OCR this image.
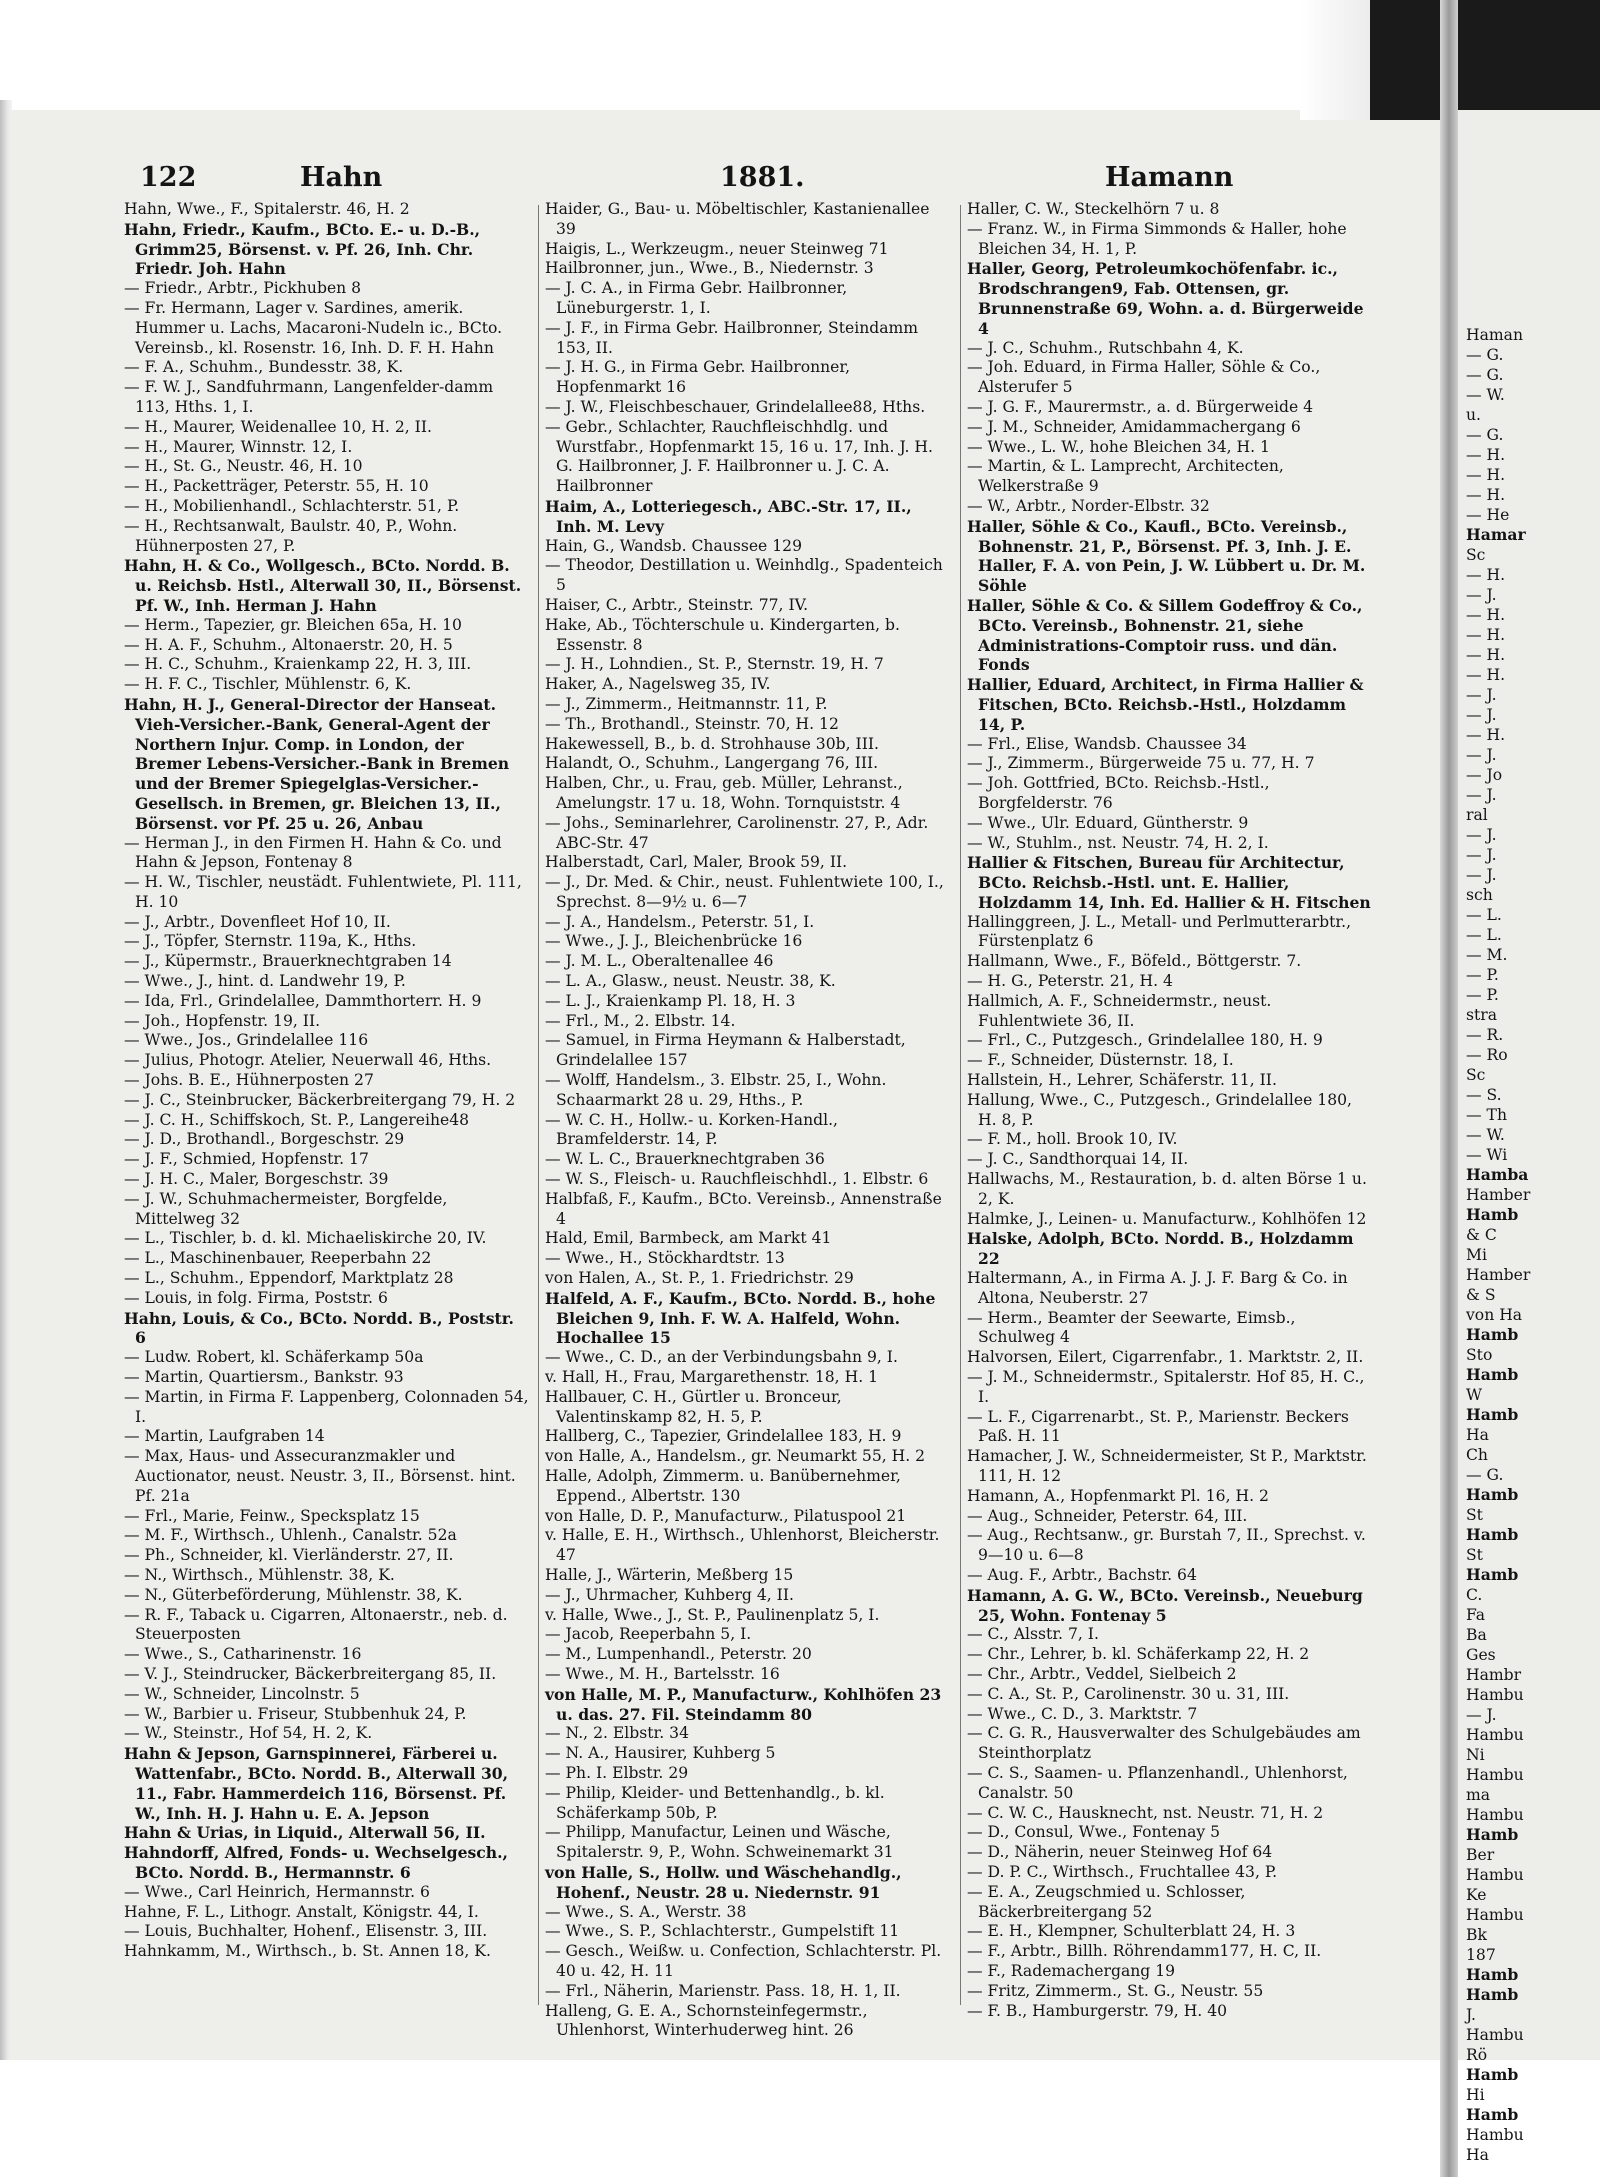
Haman
— G.
— G.
— W.
u.
— G.
— H.
— H.
— H.
— He
Hamar
Sc
— H.
— J.
— H.
— H.
— H.
— H.
— J.
— J.
— H.
— J.
— Jo
— J.
ral
— J.
— J.
— J.
sch
— L.
— L.
— M.
— P.
— P.
stra
— R.
— Ro
Sc
— S.
— Th
— W.
— Wi
Hamba
Hamber
Hamb
& C
Mi
Hamber
& S
von Ha
Hamb
Sto
Hamb
W
Hamb
Ha
Ch
— G.
Hamb
St
Hamb
St
Hamb
C.
Fa
Ba
Ges
Hambr
Hambu
— J.
Hambu
Ni
Hambu
ma
Hambu
Hamb
Ber
Hambu
Ke
Hambu
Bk
187
Hamb
Hamb
J.
Hambu
Rö
Hamb
Hi
Hamb
Hambu
Ha
122	Hahn	1881.	Hamann

Hahn, Wwe., F., Spitalerstr. 46, H. 2

Hahn, Friedr., Kaufm., BCto. E.- u. D.-B., Grimm25, Börsenst. v. Pf. 26, Inh. Chr. Friedr. Joh. Hahn

— Friedr., Arbtr., Pickhuben 8

— Fr. Hermann, Lager v. Sardines, amerik. Hummer u. Lachs, Macaroni-Nudeln ic., BCto. Vereinsb., kl. Rosenstr. 16, Inh. D. F. H. Hahn

— F. A., Schuhm., Bundesstr. 38, K.

— F. W. J., Sandfuhrmann, Langenfelder-damm 113, Hths. 1, I.

— H., Maurer, Weidenallee 10, H. 2, II.

— H., Maurer, Winnstr. 12, I.

— H., St. G., Neustr. 46, H. 10

— H., Packetträger, Peterstr. 55, H. 10

— H., Mobilienhandl., Schlachterstr. 51, P.

— H., Rechtsanwalt, Baulstr. 40, P., Wohn. Hühnerposten 27, P.

Hahn, H. & Co., Wollgesch., BCto. Nordd. B. u. Reichsb. Hstl., Alterwall 30, II., Börsenst. Pf. W., Inh. Herman J. Hahn

— Herm., Tapezier, gr. Bleichen 65a, H. 10

— H. A. F., Schuhm., Altonaerstr. 20, H. 5

— H. C., Schuhm., Kraienkamp 22, H. 3, III.

— H. F. C., Tischler, Mühlenstr. 6, K.

Hahn, H. J., General-Director der Hanseat. Vieh-Versicher.-Bank, General-Agent der Northern Injur. Comp. in London, der Bremer Lebens-Versicher.-Bank in Bremen und der Bremer Spiegelglas-Versicher.-Gesellsch. in Bremen, gr. Bleichen 13, II., Börsenst. vor Pf. 25 u. 26, Anbau

— Herman J., in den Firmen H. Hahn & Co. und Hahn & Jepson, Fontenay 8

— H. W., Tischler, neustädt. Fuhlentwiete, Pl. 111, H. 10

— J., Arbtr., Dovenfleet Hof 10, II.

— J., Töpfer, Sternstr. 119a, K., Hths.

— J., Küpermstr., Brauerknechtgraben 14

— Wwe., J., hint. d. Landwehr 19, P.

— Ida, Frl., Grindelallee, Dammthorterr. H. 9

— Joh., Hopfenstr. 19, II.

— Wwe., Jos., Grindelallee 116

— Julius, Photogr. Atelier, Neuerwall 46, Hths.

— Johs. B. E., Hühnerposten 27

— J. C., Steinbrucker, Bäckerbreitergang 79, H. 2

— J. C. H., Schiffskoch, St. P., Langereihe48

— J. D., Brothandl., Borgeschstr. 29

— J. F., Schmied, Hopfenstr. 17

— J. H. C., Maler, Borgeschstr. 39

— J. W., Schuhmachermeister, Borgfelde, Mittelweg 32

— L., Tischler, b. d. kl. Michaeliskirche 20, IV.

— L., Maschinenbauer, Reeperbahn 22

— L., Schuhm., Eppendorf, Marktplatz 28

— Louis, in folg. Firma, Poststr. 6

Hahn, Louis, & Co., BCto. Nordd. B., Poststr. 6

— Ludw. Robert, kl. Schäferkamp 50a

— Martin, Quartiersm., Bankstr. 93

— Martin, in Firma F. Lappenberg, Colonnaden 54, I.

— Martin, Laufgraben 14

— Max, Haus- und Assecuranzmakler und Auctionator, neust. Neustr. 3, II., Börsenst. hint. Pf. 21a

— Frl., Marie, Feinw., Specksplatz 15

— M. F., Wirthsch., Uhlenh., Canalstr. 52a

— Ph., Schneider, kl. Vierländerstr. 27, II.

— N., Wirthsch., Mühlenstr. 38, K.

— N., Güterbeförderung, Mühlenstr. 38, K.

— R. F., Taback u. Cigarren, Altonaerstr., neb. d. Steuerposten

— Wwe., S., Catharinenstr. 16

— V. J., Steindrucker, Bäckerbreitergang 85, II.

— W., Schneider, Lincolnstr. 5

— W., Barbier u. Friseur, Stubbenhuk 24, P.

— W., Steinstr., Hof 54, H. 2, K.

Hahn & Jepson, Garnspinnerei, Färberei u. Wattenfabr., BCto. Nordd. B., Alterwall 30, 11., Fabr. Hammerdeich 116, Börsenst. Pf. W., Inh. H. J. Hahn u. E. A. Jepson

Hahn & Urias, in Liquid., Alterwall 56, II.

Hahndorff, Alfred, Fonds- u. Wechselgesch., BCto. Nordd. B., Hermannstr. 6

— Wwe., Carl Heinrich, Hermannstr. 6

Hahne, F. L., Lithogr. Anstalt, Königstr. 44, I.

— Louis, Buchhalter, Hohenf., Elisenstr. 3, III.

Hahnkamm, M., Wirthsch., b. St. Annen 18, K.

Haider, G., Bau- u. Möbeltischler, Kastanienallee 39

Haigis, L., Werkzeugm., neuer Steinweg 71

Hailbronner, jun., Wwe., B., Niedernstr. 3

— J. C. A., in Firma Gebr. Hailbronner, Lüneburgerstr. 1, I.

— J. F., in Firma Gebr. Hailbronner, Steindamm 153, II.

— J. H. G., in Firma Gebr. Hailbronner, Hopfenmarkt 16

— J. W., Fleischbeschauer, Grindelallee88, Hths.

— Gebr., Schlachter, Rauchfleischhdlg. und Wurstfabr., Hopfenmarkt 15, 16 u. 17, Inh. J. H. G. Hailbronner, J. F. Hailbronner u. J. C. A. Hailbronner

Haim, A., Lotteriegesch., ABC.-Str. 17, II., Inh. M. Levy

Hain, G., Wandsb. Chaussee 129

— Theodor, Destillation u. Weinhdlg., Spadenteich 5

Haiser, C., Arbtr., Steinstr. 77, IV.

Hake, Ab., Töchterschule u. Kindergarten, b. Essenstr. 8

— J. H., Lohndien., St. P., Sternstr. 19, H. 7

Haker, A., Nagelsweg 35, IV.

— J., Zimmerm., Heitmannstr. 11, P.

— Th., Brothandl., Steinstr. 70, H. 12

Hakewessell, B., b. d. Strohhause 30b, III.

Halandt, O., Schuhm., Langergang 76, III.

Halben, Chr., u. Frau, geb. Müller, Lehranst., Amelungstr. 17 u. 18, Wohn. Tornquiststr. 4

— Johs., Seminarlehrer, Carolinenstr. 27, P., Adr. ABC-Str. 47

Halberstadt, Carl, Maler, Brook 59, II.

— J., Dr. Med. & Chir., neust. Fuhlentwiete 100, I., Sprechst. 8—9½ u. 6—7

— J. A., Handelsm., Peterstr. 51, I.

— Wwe., J. J., Bleichenbrücke 16

— J. M. L., Oberaltenallee 46

— L. A., Glasw., neust. Neustr. 38, K.

— L. J., Kraienkamp Pl. 18, H. 3

— Frl., M., 2. Elbstr. 14.

— Samuel, in Firma Heymann & Halberstadt, Grindelallee 157

— Wolff, Handelsm., 3. Elbstr. 25, I., Wohn. Schaarmarkt 28 u. 29, Hths., P.

— W. C. H., Hollw.- u. Korken-Handl., Bramfelderstr. 14, P.

— W. L. C., Brauerknechtgraben 36

— W. S., Fleisch- u. Rauchfleischhdl., 1. Elbstr. 6

Halbfaß, F., Kaufm., BCto. Vereinsb., Annenstraße 4

Hald, Emil, Barmbeck, am Markt 41

— Wwe., H., Stöckhardtstr. 13

von Halen, A., St. P., 1. Friedrichstr. 29

Halfeld, A. F., Kaufm., BCto. Nordd. B., hohe Bleichen 9, Inh. F. W. A. Halfeld, Wohn. Hochallee 15

— Wwe., C. D., an der Verbindungsbahn 9, I.

v. Hall, H., Frau, Margarethenstr. 18, H. 1

Hallbauer, C. H., Gürtler u. Bronceur, Valentinskamp 82, H. 5, P.

Hallberg, C., Tapezier, Grindelallee 183, H. 9

von Halle, A., Handelsm., gr. Neumarkt 55, H. 2

Halle, Adolph, Zimmerm. u. Banübernehmer, Eppend., Albertstr. 130

von Halle, D. P., Manufacturw., Pilatuspool 21

v. Halle, E. H., Wirthsch., Uhlenhorst, Bleicherstr. 47

Halle, J., Wärterin, Meßberg 15

— J., Uhrmacher, Kuhberg 4, II.

v. Halle, Wwe., J., St. P., Paulinenplatz 5, I.

— Jacob, Reeperbahn 5, I.

— M., Lumpenhandl., Peterstr. 20

— Wwe., M. H., Bartelsstr. 16

von Halle, M. P., Manufacturw., Kohlhöfen 23 u. das. 27. Fil. Steindamm 80

— N., 2. Elbstr. 34

— N. A., Hausirer, Kuhberg 5

— Ph. I. Elbstr. 29

— Philip, Kleider- und Bettenhandlg., b. kl. Schäferkamp 50b, P.

— Philipp, Manufactur, Leinen und Wäsche, Spitalerstr. 9, P., Wohn. Schweinemarkt 31

von Halle, S., Hollw. und Wäschehandlg., Hohenf., Neustr. 28 u. Niedernstr. 91

— Wwe., S. A., Werstr. 38

— Wwe., S. P., Schlachterstr., Gumpelstift 11

— Gesch., Weißw. u. Confection, Schlachterstr. Pl. 40 u. 42, H. 11

— Frl., Näherin, Marienstr. Pass. 18, H. 1, II.

Halleng, G. E. A., Schornsteinfegermstr., Uhlenhorst, Winterhuderweg hint. 26

Haller, C. W., Steckelhörn 7 u. 8

— Franz. W., in Firma Simmonds & Haller, hohe Bleichen 34, H. 1, P.

Haller, Georg, Petroleumkochöfenfabr. ic., Brodschrangen9, Fab. Ottensen, gr. Brunnenstraße 69, Wohn. a. d. Bürgerweide 4

— J. C., Schuhm., Rutschbahn 4, K.

— Joh. Eduard, in Firma Haller, Söhle & Co., Alsterufer 5

— J. G. F., Maurermstr., a. d. Bürgerweide 4

— J. M., Schneider, Amidammachergang 6

— Wwe., L. W., hohe Bleichen 34, H. 1

— Martin, & L. Lamprecht, Architecten, Welkerstraße 9

— W., Arbtr., Norder-Elbstr. 32

Haller, Söhle & Co., Kaufl., BCto. Vereinsb., Bohnenstr. 21, P., Börsenst. Pf. 3, Inh. J. E. Haller, F. A. von Pein, J. W. Lübbert u. Dr. M. Söhle

Haller, Söhle & Co. & Sillem Godeffroy & Co., BCto. Vereinsb., Bohnenstr. 21, siehe Administrations-Comptoir russ. und dän. Fonds

Hallier, Eduard, Architect, in Firma Hallier & Fitschen, BCto. Reichsb.-Hstl., Holzdamm 14, P.

— Frl., Elise, Wandsb. Chaussee 34

— J., Zimmerm., Bürgerweide 75 u. 77, H. 7

— Joh. Gottfried, BCto. Reichsb.-Hstl., Borgfelderstr. 76

— Wwe., Ulr. Eduard, Güntherstr. 9

— W., Stuhlm., nst. Neustr. 74, H. 2, I.

Hallier & Fitschen, Bureau für Architectur, BCto. Reichsb.-Hstl. unt. E. Hallier, Holzdamm 14, Inh. Ed. Hallier & H. Fitschen

Hallinggreen, J. L., Metall- und Perlmutterarbtr., Fürstenplatz 6

Hallmann, Wwe., F., Böfeld., Böttgerstr. 7.

— H. G., Peterstr. 21, H. 4

Hallmich, A. F., Schneidermstr., neust. Fuhlentwiete 36, II.

— Frl., C., Putzgesch., Grindelallee 180, H. 9

— F., Schneider, Düsternstr. 18, I.

Hallstein, H., Lehrer, Schäferstr. 11, II.

Hallung, Wwe., C., Putzgesch., Grindelallee 180, H. 8, P.

— F. M., holl. Brook 10, IV.

— J. C., Sandthorquai 14, II.

Hallwachs, M., Restauration, b. d. alten Börse 1 u. 2, K.

Halmke, J., Leinen- u. Manufacturw., Kohlhöfen 12

Halske, Adolph, BCto. Nordd. B., Holzdamm 22

Haltermann, A., in Firma A. J. J. F. Barg & Co. in Altona, Neuberstr. 27

— Herm., Beamter der Seewarte, Eimsb., Schulweg 4

Halvorsen, Eilert, Cigarrenfabr., 1. Marktstr. 2, II.

— J. M., Schneidermstr., Spitalerstr. Hof 85, H. C., I.

— L. F., Cigarrenarbt., St. P., Marienstr. Beckers Paß. H. 11

Hamacher, J. W., Schneidermeister, St P., Marktstr. 111, H. 12

Hamann, A., Hopfenmarkt Pl. 16, H. 2

— Aug., Schneider, Peterstr. 64, III.

— Aug., Rechtsanw., gr. Burstah 7, II., Sprechst. v. 9—10 u. 6—8

— Aug. F., Arbtr., Bachstr. 64

Hamann, A. G. W., BCto. Vereinsb., Neueburg 25, Wohn. Fontenay 5

— C., Alsstr. 7, I.

— Chr., Lehrer, b. kl. Schäferkamp 22, H. 2

— Chr., Arbtr., Veddel, Sielbeich 2

— C. A., St. P., Carolinenstr. 30 u. 31, III.

— Wwe., C. D., 3. Marktstr. 7

— C. G. R., Hausverwalter des Schulgebäudes am Steinthorplatz

— C. S., Saamen- u. Pflanzenhandl., Uhlenhorst, Canalstr. 50

— C. W. C., Hausknecht, nst. Neustr. 71, H. 2

— D., Consul, Wwe., Fontenay 5

— D., Näherin, neuer Steinweg Hof 64

— D. P. C., Wirthsch., Fruchtallee 43, P.

— E. A., Zeugschmied u. Schlosser, Bäckerbreitergang 52

— E. H., Klempner, Schulterblatt 24, H. 3

— F., Arbtr., Billh. Röhrendamm177, H. C, II.

— F., Rademachergang 19

— Fritz, Zimmerm., St. G., Neustr. 55

— F. B., Hamburgerstr. 79, H. 40
